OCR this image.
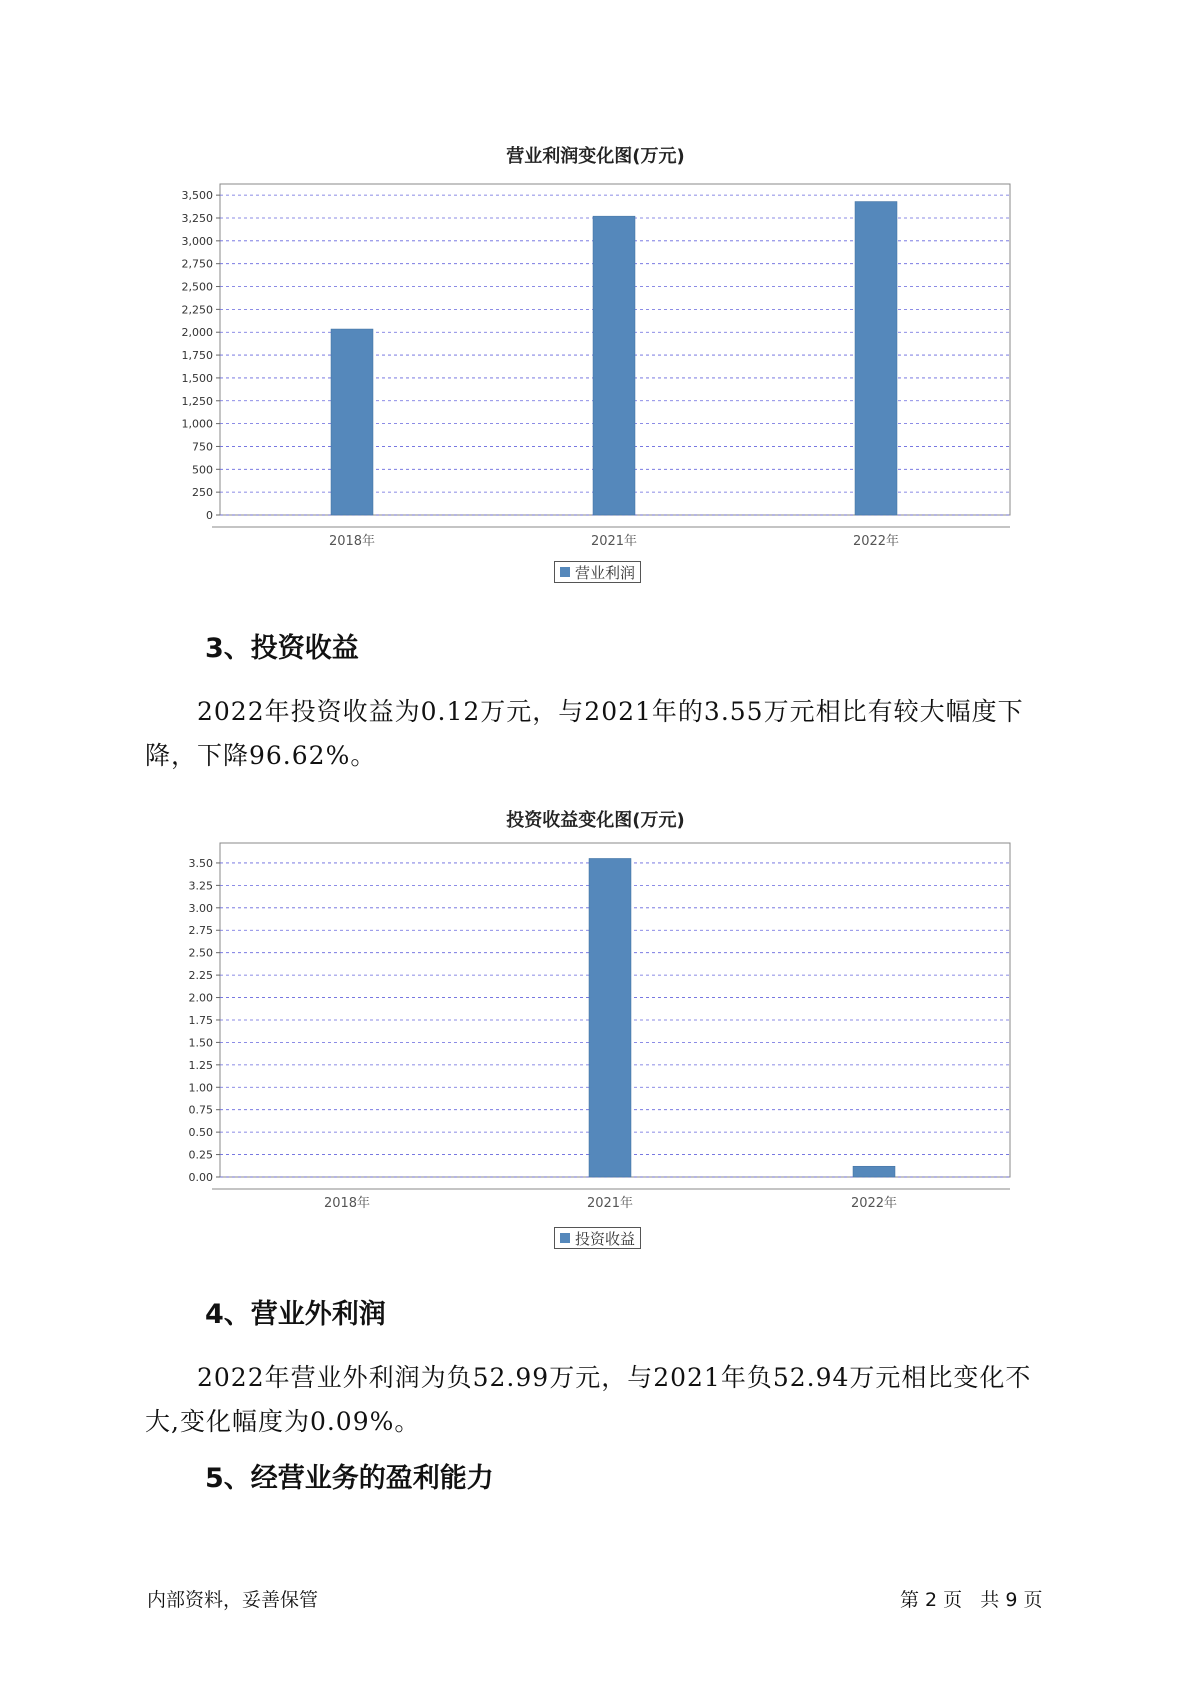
营业利润变化图(万元)
0
250
500
750
1,000
1,250
1,500
1,750
2,000
2,250
2,500
2,750
3,000
3,250
3,500
2018年	2021年	2022年
营业利润
3、投资收益
2022年投资收益为0.12万元，与2021年的3.55万元相比有较大幅度下
降，下降96.62%。
投资收益变化图(万元)
0.00
0.25
0.50
0.75
1.00
1.25
1.50
1.75
2.00
2.25
2.50
2.75
3.00
3.25
3.50
2018年	2021年	2022年
投资收益
4、营业外利润
2022年营业外利润为负52.99万元，与2021年负52.94万元相比变化不
大,变化幅度为0.09%。
5、经营业务的盈利能力
内部资料，妥善保管	第 2 页   共 9 页
